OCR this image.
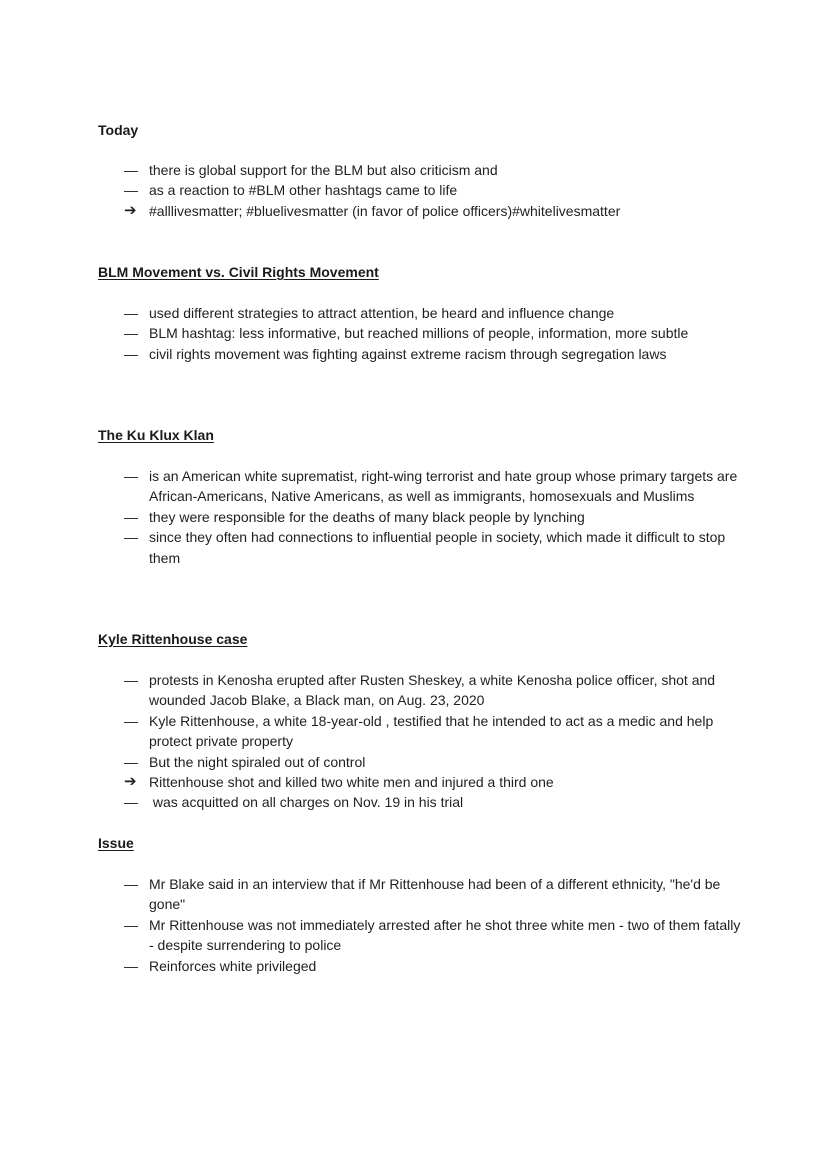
Today
— there is global support for the BLM but also criticism and
— as a reaction to #BLM other hashtags came to life
➔ #alllivesmatter; #bluelivesmatter (in favor of police officers)#whitelivesmatter
BLM Movement vs. Civil Rights Movement
— used different strategies to attract attention, be heard and influence change
— BLM hashtag: less informative, but reached millions of people, information, more subtle
— civil rights movement was fighting against extreme racism through segregation laws
The Ku Klux Klan
— is an American white suprematist, right-wing terrorist and hate group whose primary targets are African-Americans, Native Americans, as well as immigrants, homosexuals and Muslims
— they were responsible for the deaths of many black people by lynching
— since they often had connections to influential people in society, which made it difficult to stop them
Kyle Rittenhouse case
— protests in Kenosha erupted after Rusten Sheskey, a white Kenosha police officer, shot and wounded Jacob Blake, a Black man, on Aug. 23, 2020
— Kyle Rittenhouse, a white 18-year-old , testified that he intended to act as a medic and help protect private property
— But the night spiraled out of control
➔ Rittenhouse shot and killed two white men and injured a third one
— was acquitted on all charges on Nov. 19 in his trial
Issue
— Mr Blake said in an interview that if Mr Rittenhouse had been of a different ethnicity, "he'd be gone"
— Mr Rittenhouse was not immediately arrested after he shot three white men - two of them fatally - despite surrendering to police
— Reinforces white privileged
